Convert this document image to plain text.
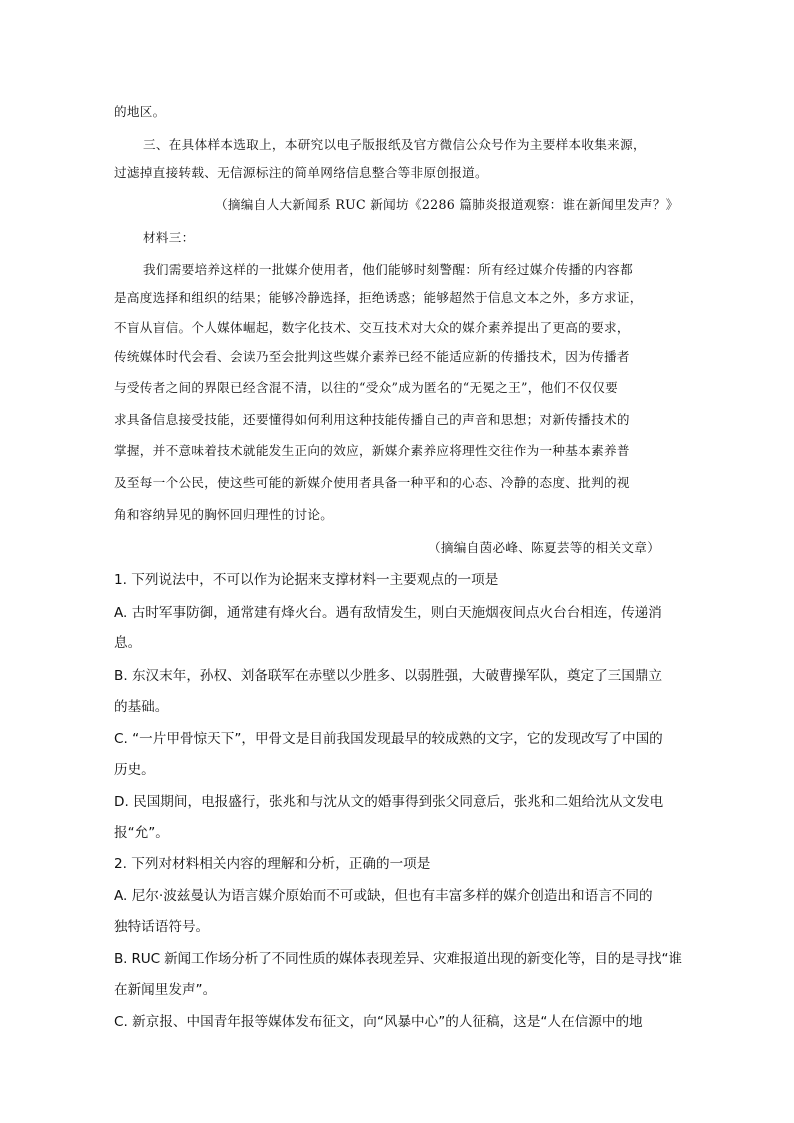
的地区。
三、在具体样本选取上，本研究以电子版报纸及官方微信公众号作为主要样本收集来源，
过滤掉直接转载、无信源标注的简单网络信息整合等非原创报道。
（摘编自人大新闻系 RUC 新闻坊《2286 篇肺炎报道观察：谁在新闻里发声？》
材料三：
我们需要培养这样的一批媒介使用者，他们能够时刻警醒：所有经过媒介传播的内容都
是高度选择和组织的结果；能够冷静选择，拒绝诱惑；能够超然于信息文本之外，多方求证，
不盲从盲信。个人媒体崛起，数字化技术、交互技术对大众的媒介素养提出了更高的要求，
传统媒体时代会看、会读乃至会批判这些媒介素养已经不能适应新的传播技术，因为传播者
与受传者之间的界限已经含混不清，以往的“受众”成为匿名的“无冕之王”，他们不仅仅要
求具备信息接受技能，还要懂得如何利用这种技能传播自己的声音和思想；对新传播技术的
掌握，并不意味着技术就能发生正向的效应，新媒介素养应将理性交往作为一种基本素养普
及至每一个公民，使这些可能的新媒介使用者具备一种平和的心态、冷静的态度、批判的视
角和容纳异见的胸怀回归理性的讨论。
（摘编自茵必峰、陈夏芸等的相关文章）
1. 下列说法中，不可以作为论据来支撑材料一主要观点的一项是
A. 古时军事防御，通常建有烽火台。遇有敌情发生，则白天施烟夜间点火台台相连，传递消
息。
B. 东汉末年，孙权、刘备联军在赤壁以少胜多、以弱胜强，大破曹操军队，奠定了三国鼎立
的基础。
C. “一片甲骨惊天下”，甲骨文是目前我国发现最早的较成熟的文字，它的发现改写了中国的
历史。
D. 民国期间，电报盛行，张兆和与沈从文的婚事得到张父同意后，张兆和二姐给沈从文发电
报“允”。
2. 下列对材料相关内容的理解和分析，正确的一项是
A. 尼尔·波兹曼认为语言媒介原始而不可或缺，但也有丰富多样的媒介创造出和语言不同的
独特话语符号。
B. RUC 新闻工作场分析了不同性质的媒体表现差异、灾难报道出现的新变化等，目的是寻找“谁
在新闻里发声”。
C. 新京报、中国青年报等媒体发布征文，向“风暴中心”的人征稿，这是“人在信源中的地
